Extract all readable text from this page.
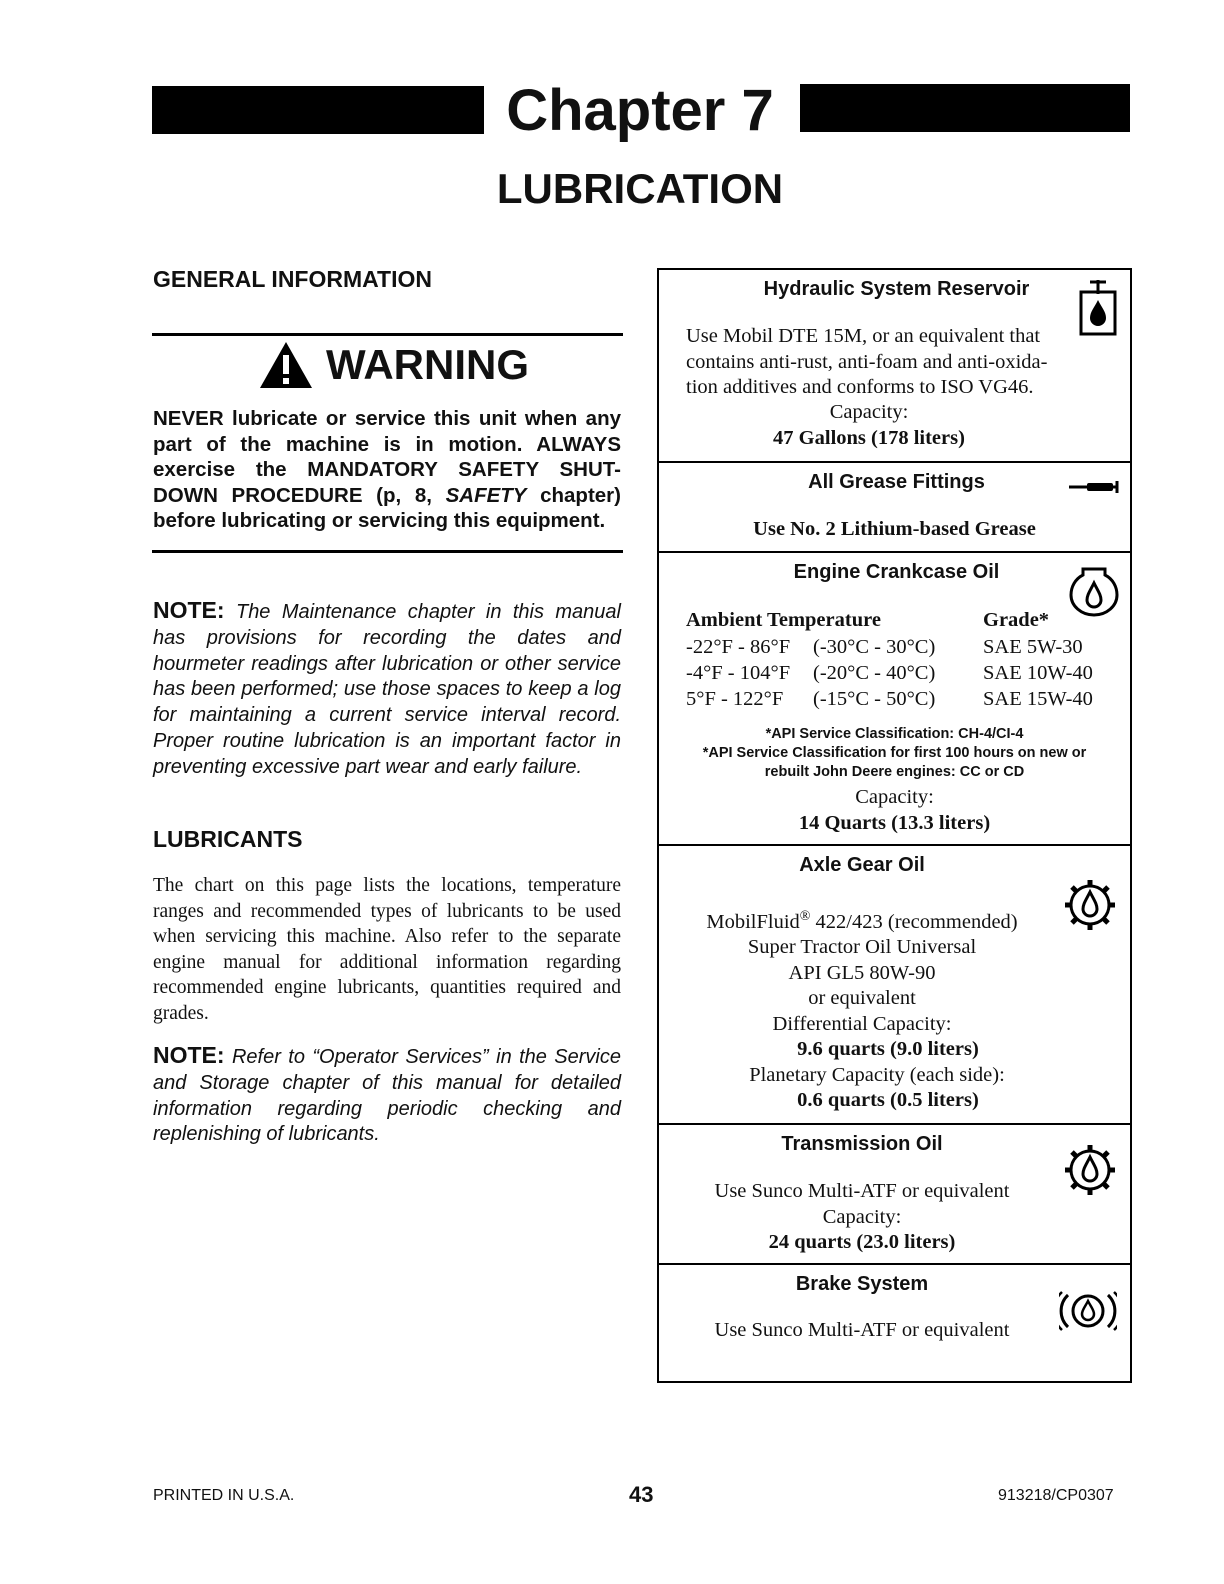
Chapter 7
LUBRICATION
GENERAL INFORMATION
WARNING
NEVER lubricate or service this unit when any part of the machine is in motion. ALWAYS exercise the MANDATORY SAFETY SHUT-DOWN PROCEDURE (p, 8, SAFETY chapter) before lubricating or servicing this equipment.
NOTE: The Maintenance chapter in this manual has provisions for recording the dates and hourmeter readings after lubrication or other service has been performed; use those spaces to keep a log for maintaining a current service interval record. Proper routine lubrication is an important factor in preventing excessive part wear and early failure.
LUBRICANTS
The chart on this page lists the locations, temperature ranges and recommended types of lubricants to be used when servicing this machine. Also refer to the separate engine manual for additional information regarding recommended engine lubricants, quantities required and grades.
NOTE: Refer to “Operator Services” in the Service and Storage chapter of this manual for detailed information regarding periodic checking and replenishing of lubricants.
Hydraulic System Reservoir
Use Mobil DTE 15M, or an equivalent that
contains anti-rust, anti-foam and anti-oxida-
tion additives and conforms to ISO VG46.
Capacity:
47 Gallons (178 liters)
All Grease Fittings
Use No. 2 Lithium-based Grease
Engine Crankcase Oil
Ambient Temperature	Grade*
-22°F - 86°F	(-30°C - 30°C)	SAE 5W-30
-4°F - 104°F	(-20°C - 40°C)	SAE 10W-40
5°F - 122°F	(-15°C - 50°C)	SAE 15W-40
*API Service Classification: CH-4/CI-4
*API Service Classification for first 100 hours on new or
rebuilt John Deere engines: CC or CD
Capacity:
14 Quarts (13.3 liters)
Axle Gear Oil
MobilFluid® 422/423 (recommended)
Super Tractor Oil Universal
API GL5 80W-90
or equivalent
Differential Capacity:
9.6 quarts (9.0 liters)
Planetary Capacity (each side):
0.6 quarts (0.5 liters)
Transmission Oil
Use Sunco Multi-ATF or equivalent
Capacity:
24 quarts (23.0 liters)
Brake System
Use Sunco Multi-ATF or equivalent
PRINTED IN U.S.A.	43	913218/CP0307
